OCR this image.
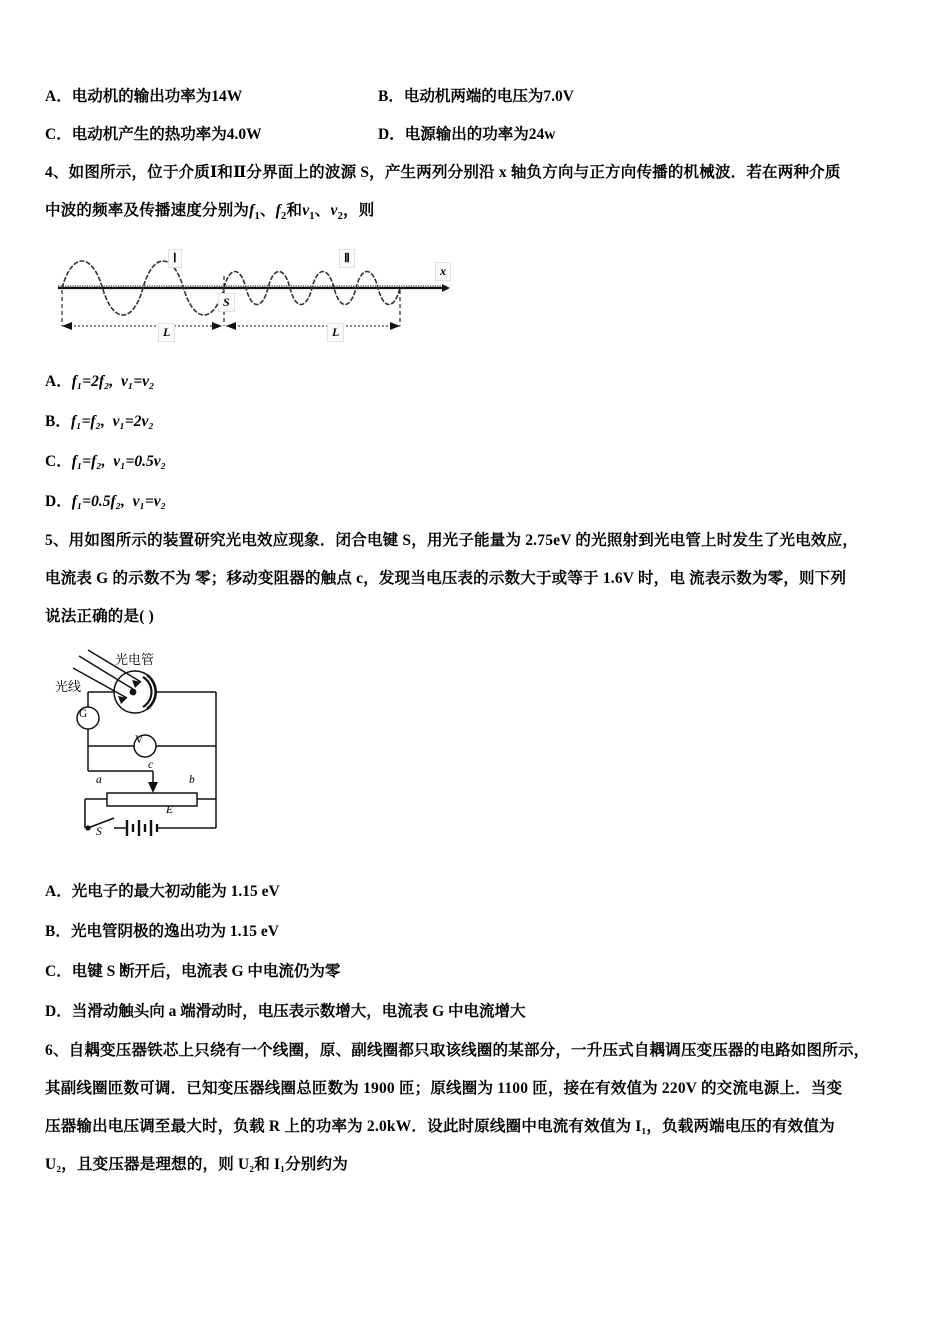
A．电动机的输出功率为14W	B．电动机两端的电压为7.0V
C．电动机产生的热功率为4.0W	D．电源输出的功率为24w
4、如图所示，位于介质Ⅰ和Ⅱ分界面上的波源 S，产生两列分别沿 x 轴负方向与正方向传播的机械波．若在两种介质
中波的频率及传播速度分别为$f_1$、$f_2$和$v_1$、$v_2$，则
Ⅰ	Ⅱ
S
x
L	L
A．f₁=2f₂, v₁=v₂
B．f₁=f₂, v₁=2v₂
C．f₁=f₂, v₁=0.5v₂
D．f₁=0.5f₂, v₁=v₂
5、用如图所示的装置研究光电效应现象．闭合电键 S，用光子能量为 2.75eV 的光照射到光电管上时发生了光电效应，
电流表 G 的示数不为 零；移动变阻器的触点 c，发现当电压表的示数大于或等于 1.6V 时，电 流表示数为零，则下列
说法正确的是( )
光线
光电管
G
V
c
a	b
E
S
A．光电子的最大初动能为 1.15 eV
B．光电管阴极的逸出功为 1.15 eV
C．电键 S 断开后，电流表 G 中电流仍为零
D．当滑动触头向 a 端滑动时，电压表示数增大，电流表 G 中电流增大
6、自耦变压器铁芯上只绕有一个线圈，原、副线圈都只取该线圈的某部分，一升压式自耦调压变压器的电路如图所示，
其副线圈匝数可调．已知变压器线圈总匝数为 1900 匝；原线圈为 1100 匝，接在有效值为 220V 的交流电源上．当变
压器输出电压调至最大时，负载 R 上的功率为 2.0kW．设此时原线圈中电流有效值为 I₁，负载两端电压的有效值为
U₂，且变压器是理想的，则 U₂和 I₁分别约为
